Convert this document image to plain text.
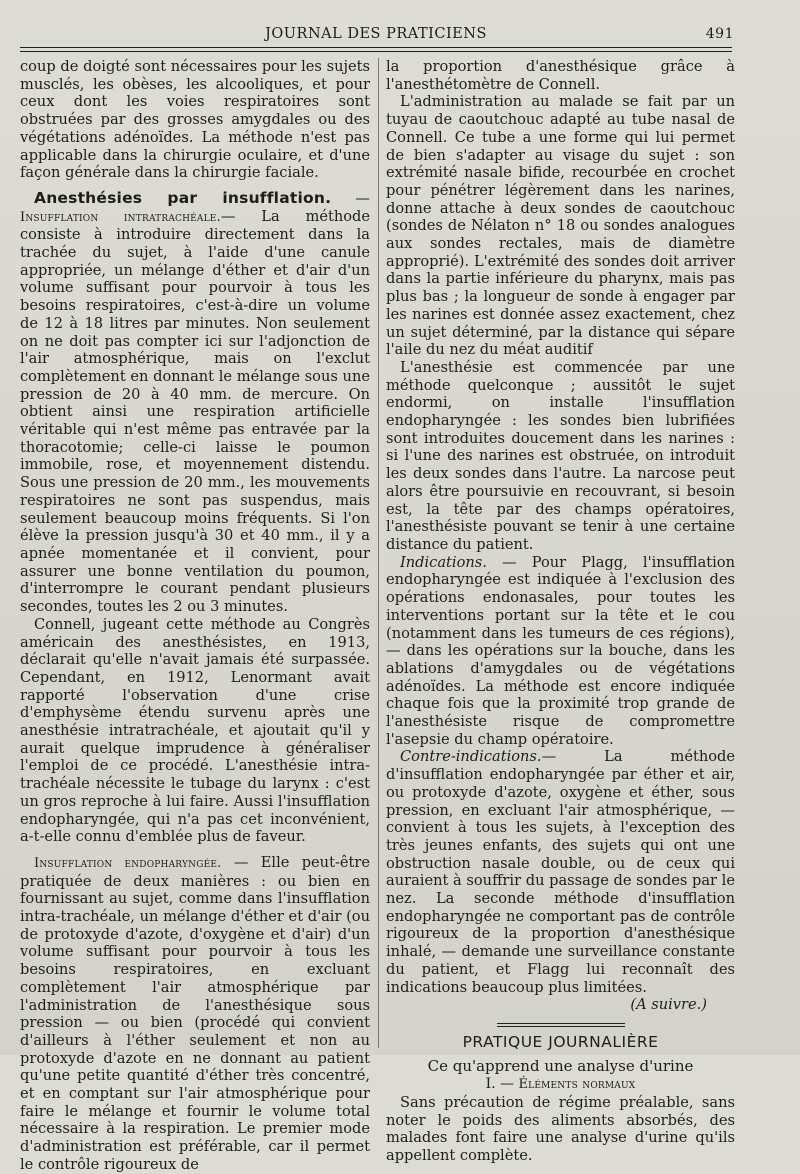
JOURNAL DES PRATICIENS	491

coup de doigté sont nécessaires pour les sujets musclés, les obèses, les alcooliques, et pour ceux dont les voies respiratoires sont obstruées par des grosses amygdales ou des végétations adénoïdes. La méthode n'est pas applicable dans la chirurgie oculaire, et d'une façon générale dans la chirurgie faciale.

Anesthésies par insufflation. — Insufflation intratrachéale.— La méthode consiste à introduire directement dans la trachée du sujet, à l'aide d'une canule appropriée, un mélange d'éther et d'air d'un volume suffisant pour pourvoir à tous les besoins respiratoires, c'est-à-dire un volume de 12 à 18 litres par minutes. Non seulement on ne doit pas compter ici sur l'adjonction de l'air atmosphérique, mais on l'exclut complètement en donnant le mélange sous une pression de 20 à 40 mm. de mercure. On obtient ainsi une respiration artificielle véritable qui n'est même pas entravée par la thoracotomie; celle-ci laisse le poumon immobile, rose, et moyennement distendu. Sous une pression de 20 mm., les mouvements respiratoires ne sont pas suspendus, mais seulement beaucoup moins fréquents. Si l'on élève la pression jusqu'à 30 et 40 mm., il y a apnée momentanée et il convient, pour assurer une bonne ventilation du poumon, d'interrompre le courant pendant plusieurs secondes, toutes les 2 ou 3 minutes.

Connell, jugeant cette méthode au Congrès américain des anesthésistes, en 1913, déclarait qu'elle n'avait jamais été surpassée. Cependant, en 1912, Lenormant avait rapporté l'observation d'une crise d'emphysème étendu survenu après une anesthésie intratrachéale, et ajoutait qu'il y aurait quelque imprudence à généraliser l'emploi de ce procédé. L'anesthésie intra-trachéale nécessite le tubage du larynx : c'est un gros reproche à lui faire. Aussi l'insufflation endopharyngée, qui n'a pas cet inconvénient, a-t-elle connu d'emblée plus de faveur.

Insufflation endopharyngée. — Elle peut-être pratiquée de deux manières : ou bien en fournissant au sujet, comme dans l'insufflation intra-trachéale, un mélange d'éther et d'air (ou de protoxyde d'azote, d'oxygène et d'air) d'un volume suffisant pour pourvoir à tous les besoins respiratoires, en excluant complètement l'air atmosphérique par l'administration de l'anesthésique sous pression — ou bien (procédé qui convient d'ailleurs à l'éther seulement et non au protoxyde d'azote en ne donnant au patient qu'une petite quantité d'éther très concentré, et en comptant sur l'air atmosphérique pour faire le mélange et fournir le volume total nécessaire à la respiration. Le premier mode d'administration est préférable, car il permet le contrôle rigoureux de

la proportion d'anesthésique grâce à l'anesthétomètre de Connell.

L'administration au malade se fait par un tuyau de caoutchouc adapté au tube nasal de Connell. Ce tube a une forme qui lui permet de bien s'adapter au visage du sujet : son extrémité nasale bifide, recourbée en crochet pour pénétrer légèrement dans les narines, donne attache à deux sondes de caoutchouc (sondes de Nélaton n° 18 ou sondes analogues aux sondes rectales, mais de diamètre approprié). L'extrémité des sondes doit arriver dans la partie inférieure du pharynx, mais pas plus bas ; la longueur de sonde à engager par les narines est donnée assez exactement, chez un sujet déterminé, par la distance qui sépare l'aile du nez du méat auditif

L'anesthésie est commencée par une méthode quelconque ; aussitôt le sujet endormi, on installe l'insufflation endopharyngée : les sondes bien lubrifiées sont introduites doucement dans les narines : si l'une des narines est obstruée, on introduit les deux sondes dans l'autre. La narcose peut alors être poursuivie en recouvrant, si besoin est, la tête par des champs opératoires, l'anesthésiste pouvant se tenir à une certaine distance du patient.

Indications. — Pour Plagg, l'insufflation endopharyngée est indiquée à l'exclusion des opérations endonasales, pour toutes les interventions portant sur la tête et le cou (notamment dans les tumeurs de ces régions), — dans les opérations sur la bouche, dans les ablations d'amygdales ou de végétations adénoïdes. La méthode est encore indiquée chaque fois que la proximité trop grande de l'anesthésiste risque de compromettre l'asepsie du champ opératoire.

Contre-indications.— La méthode d'insufflation endopharyngée par éther et air, ou protoxyde d'azote, oxygène et éther, sous pression, en excluant l'air atmosphérique, — convient à tous les sujets, à l'exception des très jeunes enfants, des sujets qui ont une obstruction nasale double, ou de ceux qui auraient à souffrir du passage de sondes par le nez. La seconde méthode d'insufflation endopharyngée ne comportant pas de contrôle rigoureux de la proportion d'anesthésique inhalé, — demande une surveillance constante du patient, et Flagg lui reconnaît des indications beaucoup plus limitées.

(A suivre.)

PRATIQUE JOURNALIÈRE
Ce qu'apprend une analyse d'urine
I. — Éléments normaux

Sans précaution de régime préalable, sans noter le poids des aliments absorbés, des malades font faire une analyse d'urine qu'ils appellent complète.
